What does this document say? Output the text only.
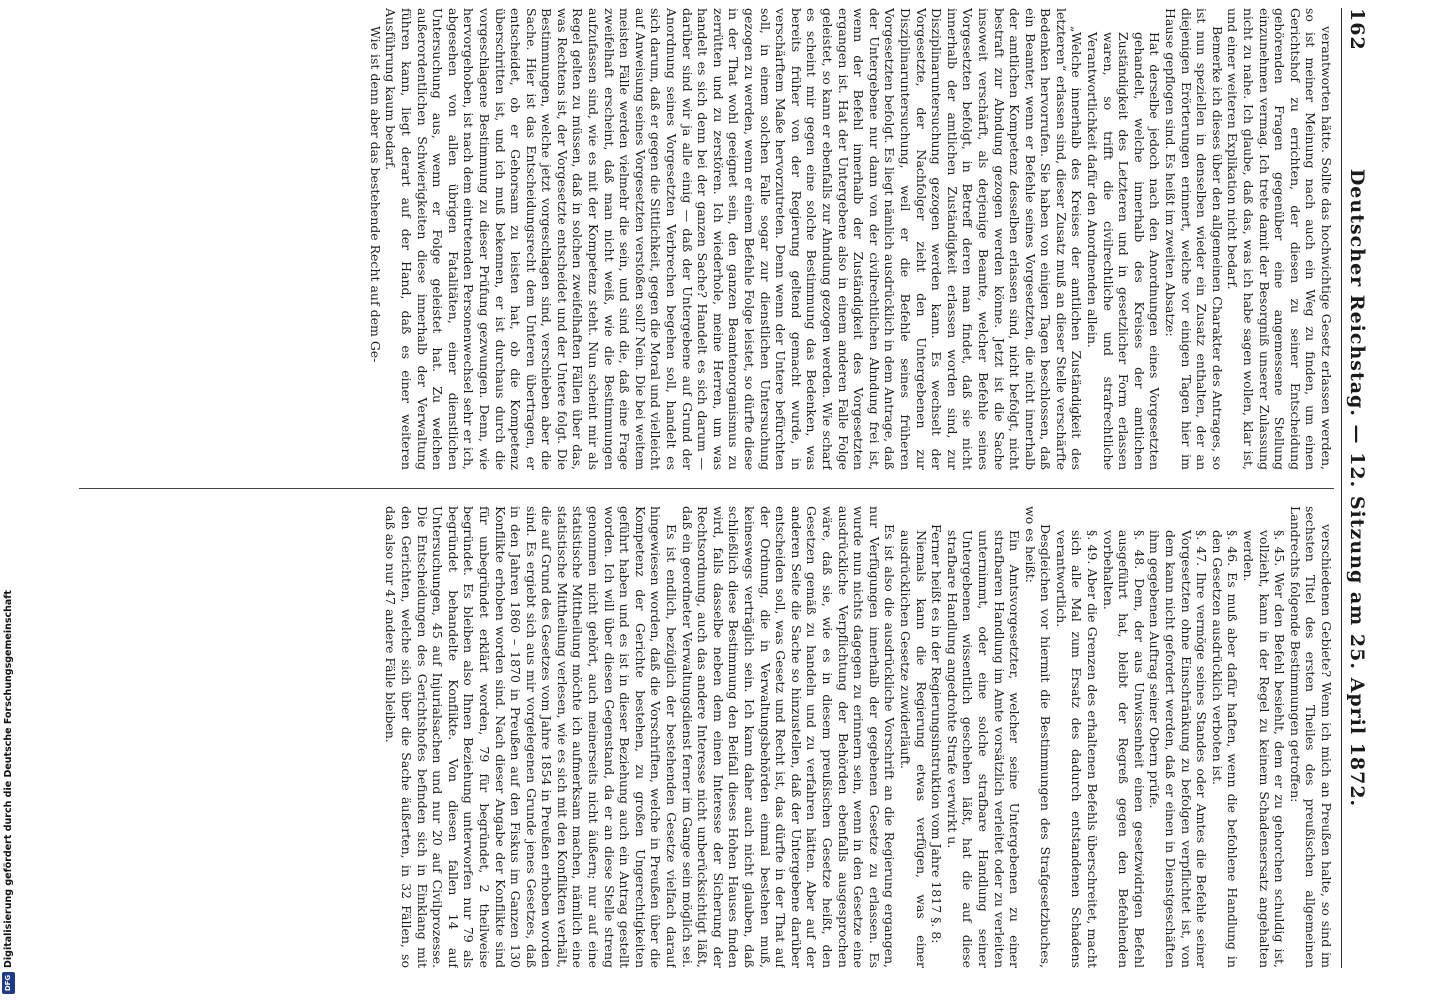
Digitalisierung gefördert durch die Deutsche Forschungsgemeinschaft
DFG
162
Deutscher Reichstag. — 12. Sitzung am 25. April 1872.

verantworten hätte. Sollte das hochwichtige Gesetz erlassen werden, so ist meiner Meinung nach auch ein Weg zu finden, um einen Gerichtshof zu errichten, der diesen zu seiner Entscheidung gehörenden Fragen gegenüber eine angemessene Stellung einzunehmen vermag. Ich trete damit der Besorgniß unserer Zulassung nicht zu nahe. Ich glaube, daß das, was ich habe sagen wollen, klar ist, und einer weiteren Explikation nicht bedarf.

Bemerke ich dieses über den allgemeinen Charakter des Antrages, so ist nun speziellen in denselben wieder ein Zusatz enthalten, der an diejenigen Erörterungen erinnert, welche vor einigen Tagen hier im Hause gepflogen sind. Es heißt im zweiten Absatze:

Hat derselbe jedoch nach den Anordnungen eines Vorgesetzten gehandelt, welche innerhalb des Kreises der amtlichen Zuständigkeit des Letzteren und in gesetzlicher Form erlassen waren, so trifft die civilrechtliche und strafrechtliche Verantwortlichkeit dafür den Anordnenden allein.

„Welche innerhalb des Kreises der amtlichen Zuständigkeit des letzteren“ erlassen sind, dieser Zusatz muß an dieser Stelle verschärfte Bedenken hervorrufen. Sie haben von einigen Tagen beschlossen, daß ein Beamter, wenn er Befehle seines Vorgesetzten, die nicht innerhalb der amtlichen Kompetenz desselben erlassen sind, nicht befolgt, nicht bestraft zur Abndung gezogen werden könne. Jetzt ist die Sache insoweit verschärft, als derjenige Beamte, welcher Befehle seines Vorgesetzten befolgt, in Betreff deren man findet, daß sie nicht innerhalb der amtlichen Zuständigkeit erlassen worden sind, zur Disziplinaruntersuchung gezogen werden kann. Es wechselt der Vorgesetzte, der Nachfolger zieht den Untergebenen zur Disziplinaruntersuchung, weil er die Befehle seines früheren Vorgesetzten befolgt. Es liegt nämlich ausdrücklich in dem Antrage, daß der Untergebene nur dann von der civilrechtlichen Ahndung frei ist, wenn der Befehl innerhalb der Zuständigkeit des Vorgesetzten ergangen ist. Hat der Untergebene also in einem anderen Falle Folge geleistet, so kann er ebenfalls zur Ahndung gezogen werden. Wie scharf es scheint mir gegen eine solche Bestimmung das Bedenken, was bereits früher von der Regierung geltend gemacht wurde, in verschärftem Maße hervorzutreten. Denn wenn der Untere befürchten soll, in einem solchen Falle sogar zur dienstlichen Untersuchung gezogen zu werden, wenn er einem Befehle Folge leistet, so dürfte diese in der That wohl geeignet sein, den ganzen Beamtenorganismus zu zerrütten und zu zerstören. Ich wiederhole, meine Herren, um was handelt es sich denn bei der ganzen Sache? Handelt es sich darum — darüber sind wir ja alle einig — daß der Untergebene auf Grund der Anordnung seines Vorgesetzten Verbrechen begehen soll, handelt es sich darum, daß er gegen die Sittlichkeit, gegen die Moral und vielleicht auf Anweisung seines Vorgesetzten verstoßen soll? Nein. Die bei weitem meisten Fälle werden vielmehr die sein, und sind die, daß eine Frage zweifelhaft erscheint, daß man nicht weiß, wie die Bestimmungen aufzufassen sind, wie es mit der Kompetenz steht. Nun scheint mir als Regel gelten zu müssen, daß in solchen zweifelhaften Fällen über das, was Rechtens ist, der Vorgesetzte entscheidet und der Untere folgt. Die Bestimmungen, welche jetzt vorgeschlagen sind, verschieben aber die Sache. Hier ist das Entscheidungsrecht dem Unteren übertragen, er entscheidet, ob er Gehorsam zu leisten hat, ob die Kompetenz überschritten ist, und ich muß bekennen, er ist durchaus durch die vorgeschlagene Bestimmung zu dieser Prüfung gezwungen. Denn, wie hervorgehoben, ist nach dem eintretenden Personenwechsel sehr er ich, abgesehen von allen übrigen Fatalitäten, einer dienstlichen Untersuchung aus, wenn er Folge geleistet hat. Zu welchen außerordentlichen Schwierigkeiten diese innerhalb der Verwaltung führen kann, liegt derart auf der Hand, daß es einer weiteren Ausführung kaum bedarf.

Wie ist denn aber das bestehende Recht auf dem Ge-

verschiedenen Gebiete? Wenn ich mich an Preußen halte, so sind im sechsten Titel des ersten Theiles des preußischen allgemeinen Landrechts folgende Bestimmungen getroffen:

§. 45. Wer den Befehl besiehlt, dem er zu gehorchen schuldig ist, vollzieht, kann in der Regel zu keinem Schadensersatz angehalten werden.

§. 46. Es muß aber dafür haften, wenn die befohlene Handlung in den Gesetzen ausdrücklich verboten ist.

§. 47. Ihre vermöge seines Standes oder Amtes die Befehle seiner Vorgesetzten ohne Einschränkung zu befolgen verpflichtet ist, von dem kann nicht gefordert werden, daß er einen in Dienstgeschäften ihm gegebenen Auftrag seiner Obern prüfe.

§. 48. Dem, der aus Unwissenheit einen gesetzwidrigen Befehl ausgeführt hat, bleibt der Regreß gegen den Befehlenden vorbehalten.

§. 49. Aber die Grenzen des erhaltenen Befehls überschreitet, macht sich alle Mal zum Ersatz des dadurch entstandenen Schadens verantwortlich.

Desgleichen vor hiermit die Bestimmungen des Strafgesetzbuches, wo es heißt:

Ein Amtsvorgesetzter, welcher seine Untergebenen zu einer strafbaren Handlung im Amte vorsätzlich verleitet oder zu verleiten unternimmt, oder eine solche strafbare Handlung seiner Untergebenen wissentlich geschehen läßt, hat die auf diese strafbare Handlung angedrohte Strafe verwirkt u.

Ferner heißt es in der Regierungsinstruktion vom Jahre 1817 §. 8:

Niemals kann die Regierung etwas verfügen, was einer ausdrücklichen Gesetze zuwiderläuft.

Es ist also die ausdrückliche Vorschrift an die Regierung ergangen, nur Verfügungen innerhalb der gegebenen Gesetze zu erlassen. Es wurde nun nichts dagegen zu erinnern sein, wenn in den Gesetze eine ausdrückliche Verpflichtung der Behörden ebenfalls ausgesprochen wäre, daß sie, wie es in diesem preußischen Gesetze heißt, den Gesetzen gemäß zu handeln und zu verfahren hätten. Aber auf der anderen Seite die Sache so hinzustellen, daß der Untergebene darüber entscheiden soll, was Gesetz und Recht ist, das dürfte in der That auf der Ordnung, die in Verwaltungsbehörden einmal bestehen muß, keineswegs verträglich sein. Ich kann daher auch nicht glauben, daß schließlich diese Bestimmung den Beifall dieses Hohen Hauses finden wird, falls dasselbe neben dem einen Interesse der Sicherung der Rechtsordnung, auch das andere Interesse nicht unberücksichtigt läßt, daß ein geordneter Verwaltungsdienst ferner im Gange sein möglich sei.

Es ist endlich, bezüglich der bestehenden Gesetze vielfach darauf hingewiesen worden, daß die Vorschriften, welche in Preußen über die Kompetenz der Gerichte bestehen, zu großen Ungerechtigkeiten geführt haben und es ist in dieser Beziehung auch ein Antrag gestellt worden. Ich will über diesen Gegenstand, da er an diese Stelle streng genommen nicht gehört, auch meinerseits nicht äußern; nur auf eine statistische Mittheilung möchte ich aufmerksam machen, nämlich eine statistische Mittheilung verlesen, wie es sich mit den Konflikten verhält, die auf Grund des Gesetzes vom Jahre 1854 in Preußen erhoben worden sind. Es ergiebt sich aus mir vorgelegenen Grunde jenes Gesetzes, daß in den Jahren 1860 – 1870 in Preußen auf den Fiskus im Ganzen 130 Konflikte erhoben worden sind. Nach dieser Angabe der Konflikte sind für unbegründet erklärt worden, 79 für begründet, 2 theilweise begründet. Es bleiben also Ihnen Beziehung unterworfen nur 79 als begründet behandelte Konflikte. Von diesen fallen 14 auf Untersuchungen, 45 auf Injurialsachen und nur 20 auf Civilprozesse. Die Entscheidungen des Gerichtshofes befinden sich in Einklang mit den Gerichten, welche sich über die Sache äußerten, in 32 Fällen, so daß also nur 47 andere Fälle bleiben.
